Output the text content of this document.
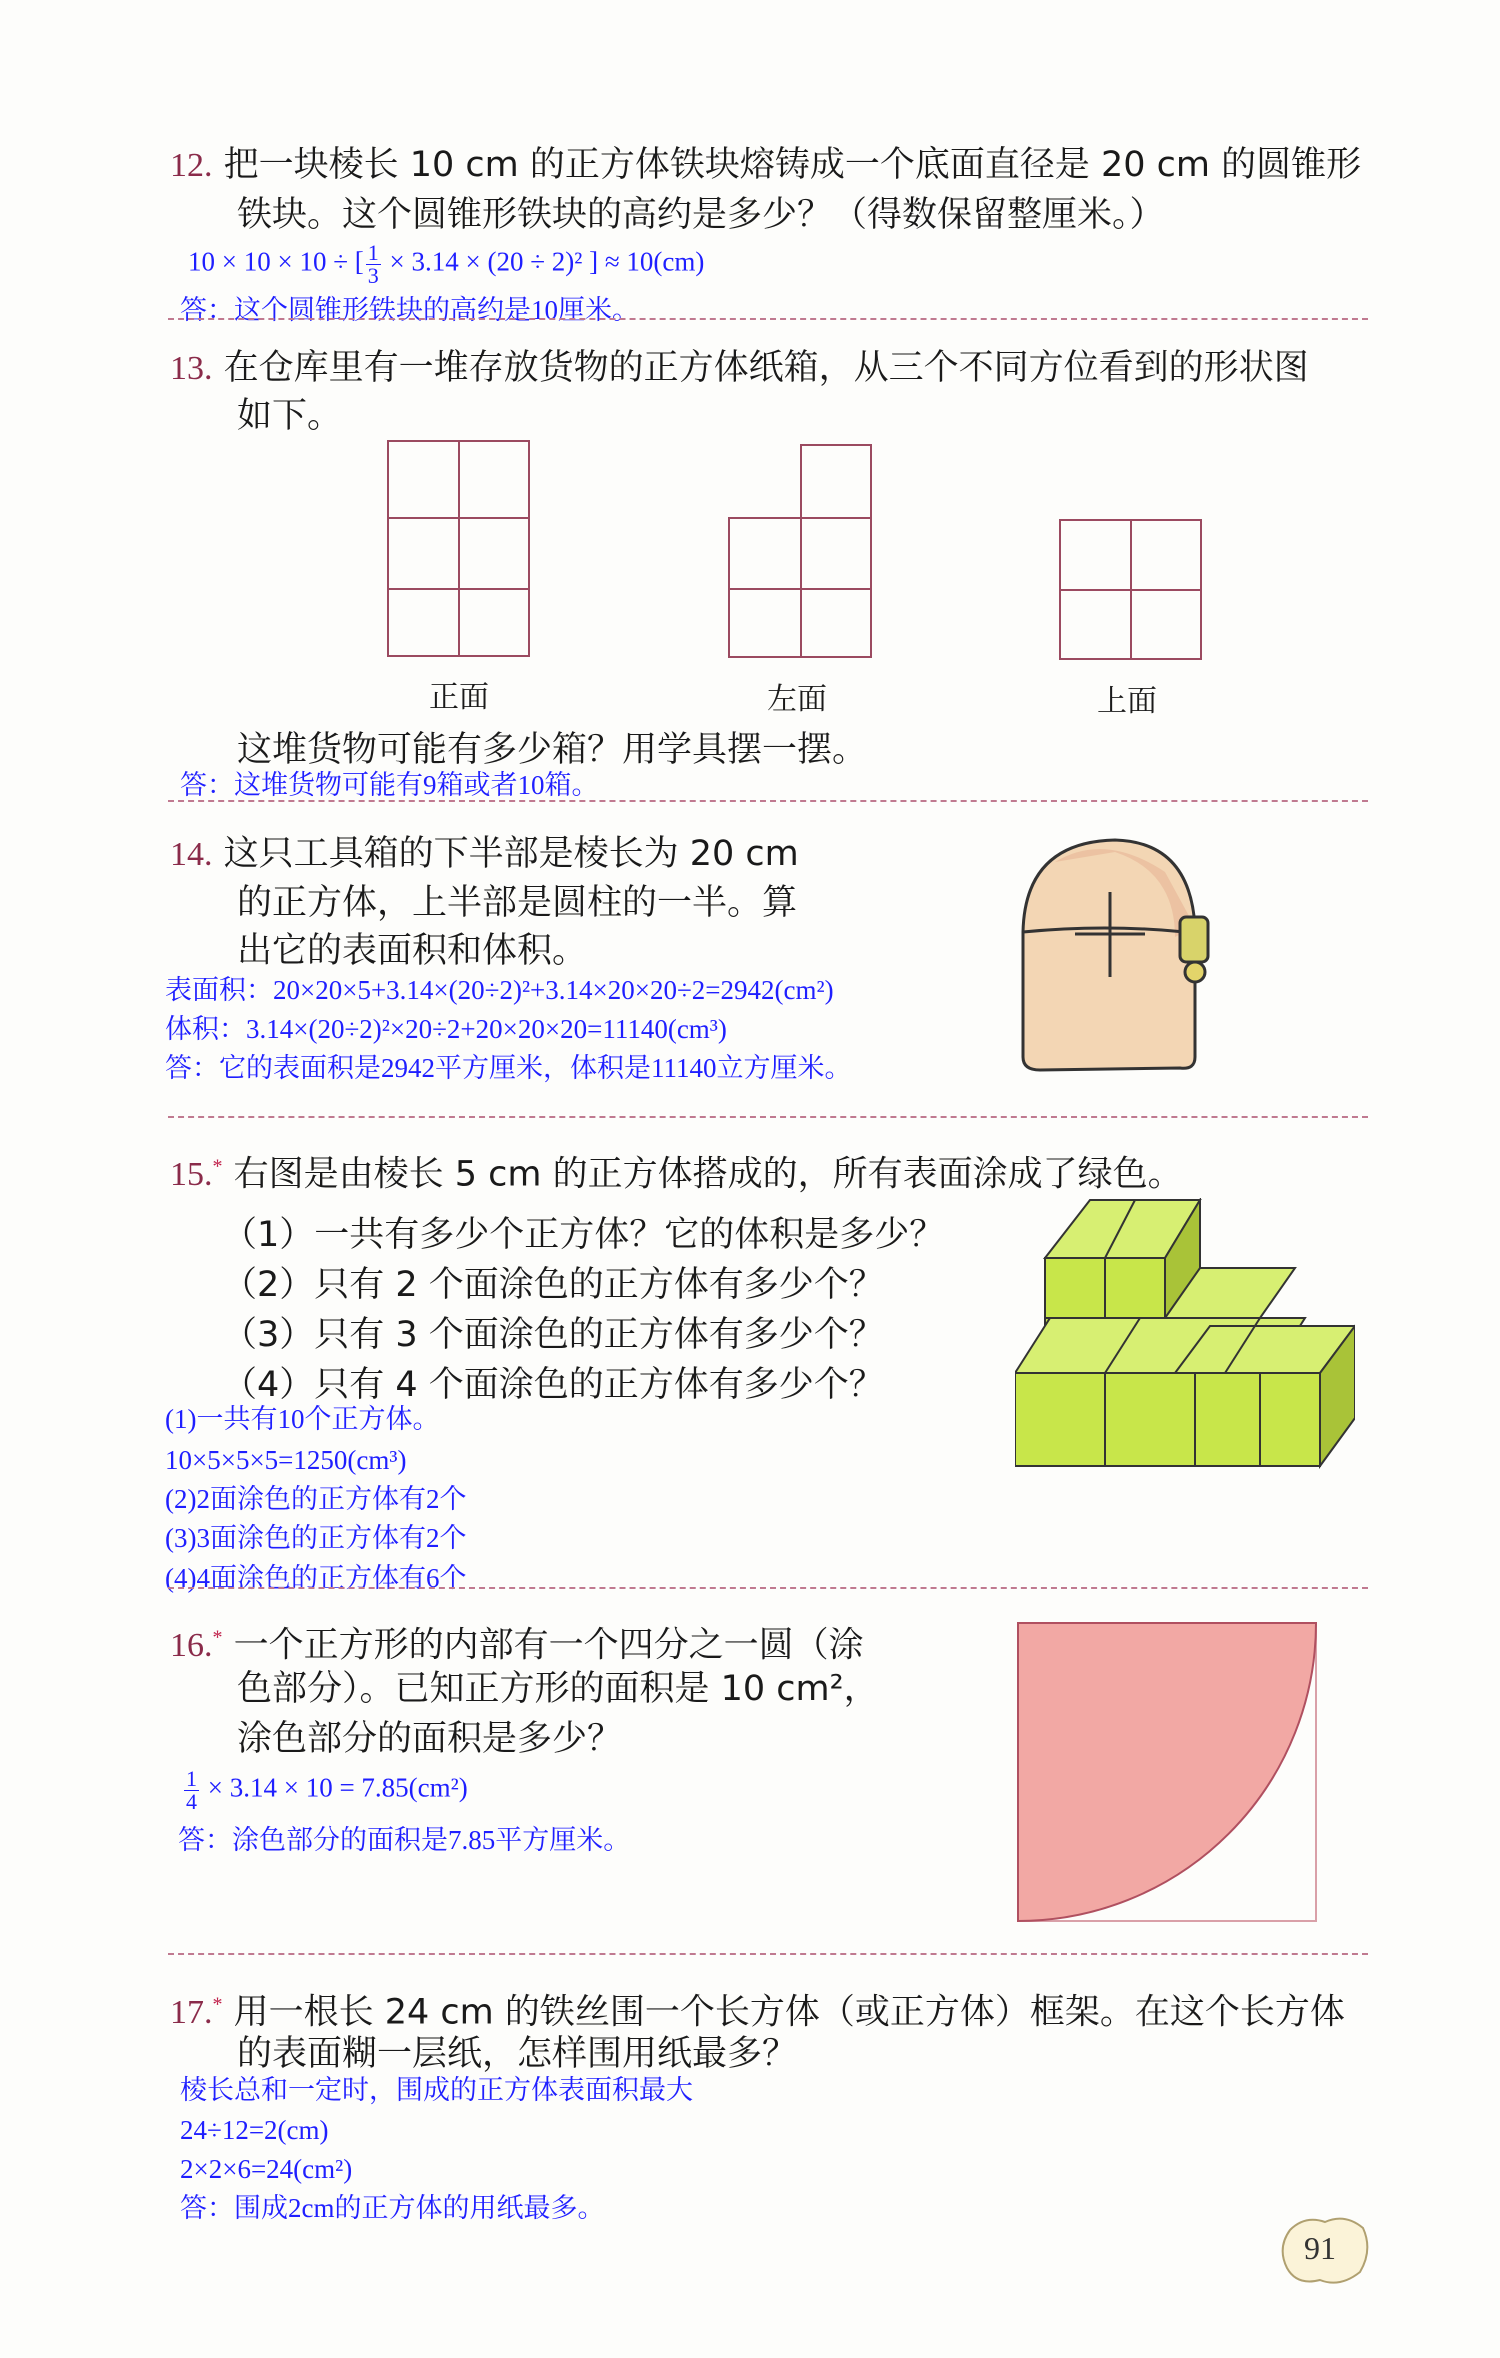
12. 把一块棱长 10 cm 的正方体铁块熔铸成一个底面直径是 20 cm 的圆锥形
铁块。这个圆锥形铁块的高约是多少？（得数保留整厘米。）
10 × 10 × 10 ÷ [ $\frac{1}{3} \times 3.14 \times (20 \div 2)^2$ ] ≈ 10(cm)
答：这个圆锥形铁块的高约是10厘米。
13. 在仓库里有一堆存放货物的正方体纸箱，从三个不同方位看到的形状图
如下。
正面	左面	上面
这堆货物可能有多少箱？用学具摆一摆。
答：这堆货物可能有9箱或者10箱。
14. 这只工具箱的下半部是棱长为 20 cm
的正方体，上半部是圆柱的一半。算
出它的表面积和体积。
表面积：20×20×5+3.14×(20÷2)²+3.14×20×20÷2=2942(cm²)
体积：3.14×(20÷2)²×20÷2+20×20×20=11140(cm³)
答：它的表面积是2942平方厘米，体积是11140立方厘米。
15.* 右图是由棱长 5 cm 的正方体搭成的，所有表面涂成了绿色。
（1）一共有多少个正方体？它的体积是多少？
（2）只有 2 个面涂色的正方体有多少个？
（3）只有 3 个面涂色的正方体有多少个？
（4）只有 4 个面涂色的正方体有多少个？
(1)一共有10个正方体。
10×5×5×5=1250(cm³)
(2)2面涂色的正方体有2个
(3)3面涂色的正方体有2个
(4)4面涂色的正方体有6个
16.* 一个正方形的内部有一个四分之一圆（涂
色部分）。已知正方形的面积是 10 cm²，
涂色部分的面积是多少？
$\frac{1}{4} \times 3.14 \times 10 = 7.85(cm^2)$
答：涂色部分的面积是7.85平方厘米。
17.* 用一根长 24 cm 的铁丝围一个长方体（或正方体）框架。在这个长方体
的表面糊一层纸，怎样围用纸最多？
棱长总和一定时，围成的正方体表面积最大
24÷12=2(cm)
2×2×6=24(cm²)
答：围成2cm的正方体的用纸最多。
91
